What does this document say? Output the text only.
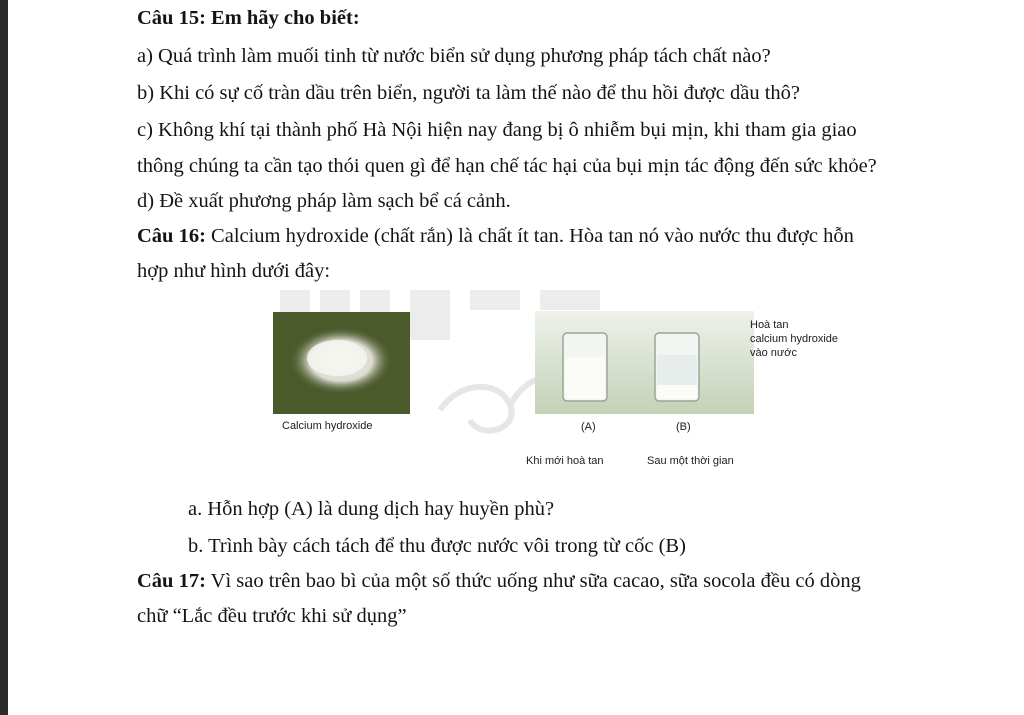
Câu 15: Em hãy cho biết:
a) Quá trình làm muối tinh từ nước biển sử dụng phương pháp tách chất nào?
b) Khi có sự cố tràn dầu trên biển, người ta làm thế nào để thu hồi được dầu thô?
c) Không khí tại thành phố Hà Nội hiện nay đang bị ô nhiễm bụi mịn, khi tham gia giao
thông chúng ta cần tạo thói quen gì để hạn chế tác hại của bụi mịn tác động đến sức khỏe?
d) Đề xuất phương pháp làm sạch bể cá cảnh.
Câu 16: Calcium hydroxide (chất rắn) là chất ít tan. Hòa tan nó vào nước thu được hỗn
hợp như hình dưới đây:
Hoà tan
calcium hydroxide
vào nước
Calcium hydroxide	(A)	(B)
Khi mới hoà tan	Sau một thời gian
a. Hỗn hợp (A) là dung dịch hay huyền phù?
b. Trình bày cách tách để thu được nước vôi trong từ cốc (B)
Câu 17: Vì sao trên bao bì của một số thức uống như sữa cacao, sữa socola đều có dòng
chữ “Lắc đều trước khi sử dụng”
